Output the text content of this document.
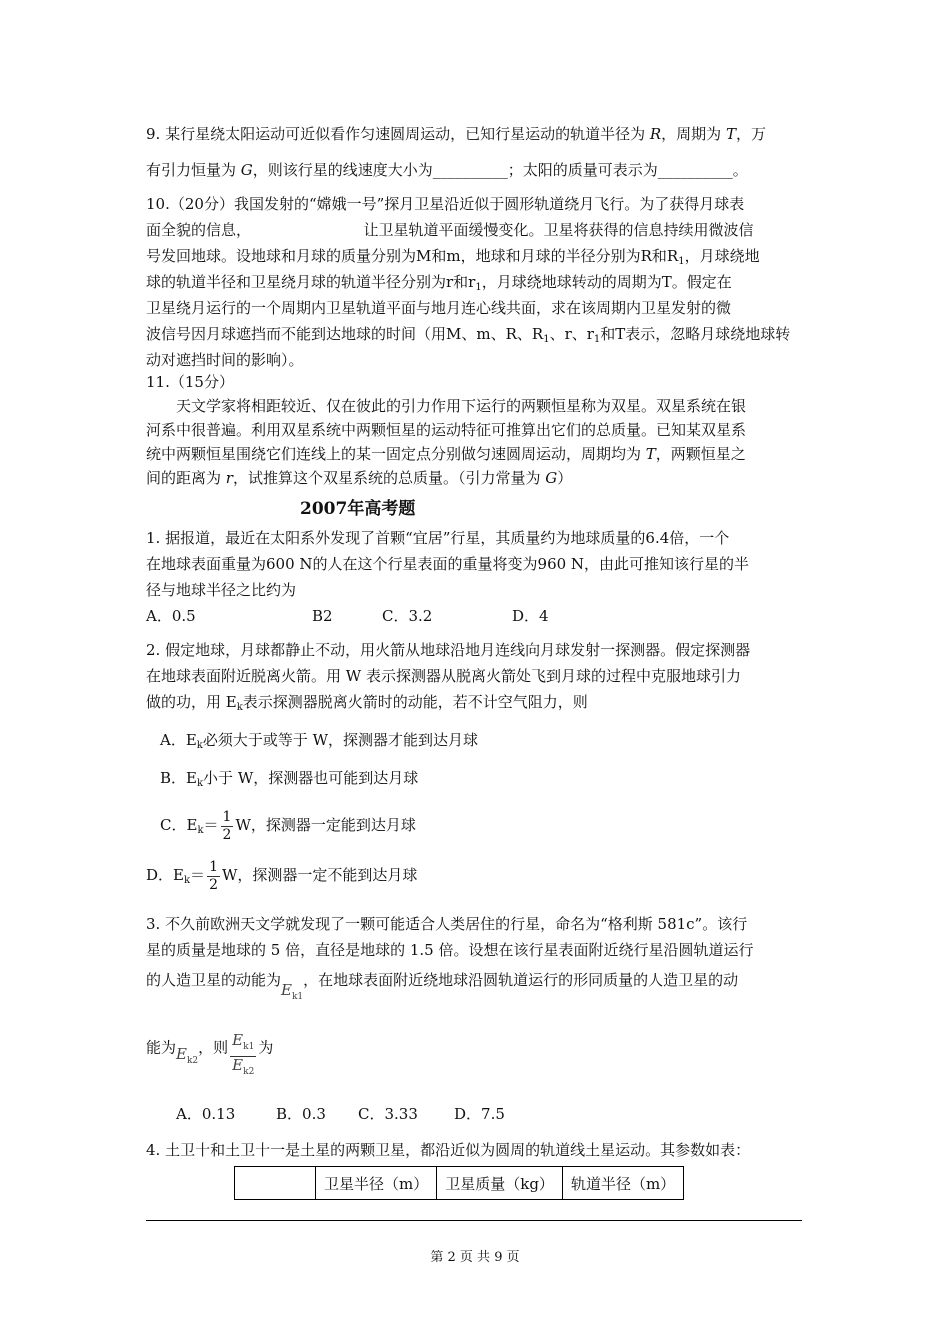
9. 某行星绕太阳运动可近似看作匀速圆周运动，已知行星运动的轨道半径为 R，周期为 T，万
有引力恒量为 G，则该行星的线速度大小为__________；太阳的质量可表示为__________。
10.（20分）我国发射的“嫦娥一号”探月卫星沿近似于圆形轨道绕月飞行。为了获得月球表
面全貌的信息，　　　　　　　　让卫星轨道平面缓慢变化。卫星将获得的信息持续用微波信
号发回地球。设地球和月球的质量分别为M和m，地球和月球的半径分别为R和$R_1$，月球绕地
球的轨道半径和卫星绕月球的轨道半径分别为r和$r_1$，月球绕地球转动的周期为T。假定在
卫星绕月运行的一个周期内卫星轨道平面与地月连心线共面，求在该周期内卫星发射的微
波信号因月球遮挡而不能到达地球的时间（用M、m、R、$R_1$、r、$r_1$和T表示，忽略月球绕地球转
动对遮挡时间的影响）。
11.（15分）
天文学家将相距较近、仅在彼此的引力作用下运行的两颗恒星称为双星。双星系统在银
河系中很普遍。利用双星系统中两颗恒星的运动特征可推算出它们的总质量。已知某双星系
统中两颗恒星围绕它们连线上的某一固定点分别做匀速圆周运动，周期均为 T，两颗恒星之
间的距离为 r，试推算这个双星系统的总质量。（引力常量为 G）
2007年高考题
1. 据报道，最近在太阳系外发现了首颗“宜居”行星，其质量约为地球质量的6.4倍，一个
在地球表面重量为600 N的人在这个行星表面的重量将变为960 N，由此可推知该行星的半
径与地球半径之比约为
A．0.5	B2	C．3.2	D．4
2. 假定地球，月球都静止不动，用火箭从地球沿地月连线向月球发射一探测器。假定探测器
在地球表面附近脱离火箭。用 W 表示探测器从脱离火箭处飞到月球的过程中克服地球引力
做的功，用 $E_k$表示探测器脱离火箭时的动能，若不计空气阻力，则
A．$E_k$必须大于或等于 W，探测器才能到达月球
B．$E_k$小于 W，探测器也可能到达月球
C．$E_k= \frac{1}{2}$ W，探测器一定能到达月球
D．$E_k= \frac{1}{2}$ W，探测器一定不能到达月球
3. 不久前欧洲天文学就发现了一颗可能适合人类居住的行星，命名为“格利斯 581c”。该行
星的质量是地球的 5 倍，直径是地球的 1.5 倍。设想在该行星表面附近绕行星沿圆轨道运行
的人造卫星的动能为$E_{k1}$，在地球表面附近绕地球沿圆轨道运行的形同质量的人造卫星的动
能为$E_{k2}$，则 $\frac{E_{k1}}{E_{k2}}$ 为
A．0.13	B．0.3 C．3.33 D．7.5
4. 土卫十和土卫十一是土星的两颗卫星，都沿近似为圆周的轨道线土星运动。其参数如表：
	卫星半径（m）	卫星质量（kg）	轨道半径（m）
第 2 页 共 9 页
